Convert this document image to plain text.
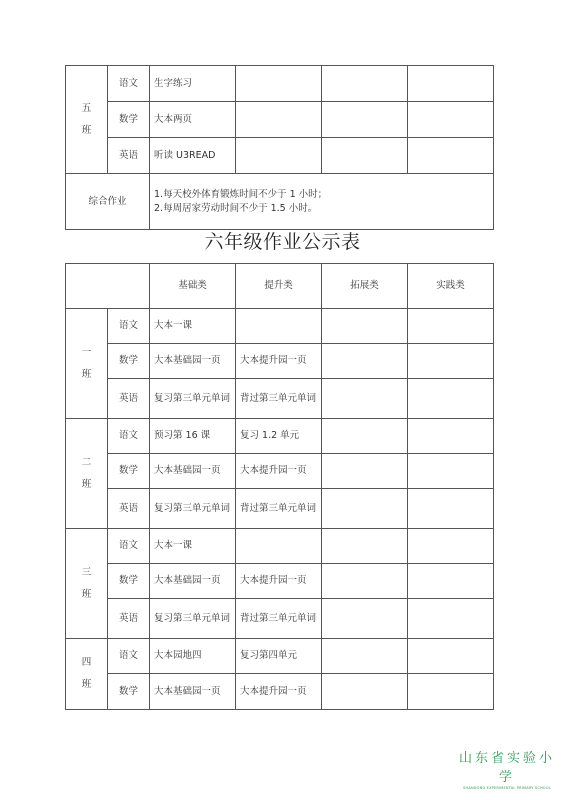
五
班	语文	生字练习			
	数学	大本两页			
	英语	听读 U3READ			
综合作业		1.每天校外体育锻炼时间不少于 1 小时；
2.每周居家劳动时间不少于 1.5 小时。			
六年级作业公示表
		基础类	提升类	拓展类	实践类

一
班	语文	大本一课			
	数学	大本基础园一页	大本提升园一页		
	英语	复习第三单元单词	背过第三单元单词		

二
班	语文	预习第 16 课	复习 1.2 单元		
	数学	大本基础园一页	大本提升园一页		
	英语	复习第三单元单词	背过第三单元单词		

三
班	语文	大本一课			
	数学	大本基础园一页	大本提升园一页		
	英语	复习第三单元单词	背过第三单元单词		

四
班	语文	大本园地四	复习第四单元		
	数学	大本基础园一页	大本提升园一页		
山东省实验小学
SHANDONG EXPERIMENTAL PRIMARY SCHOOL
